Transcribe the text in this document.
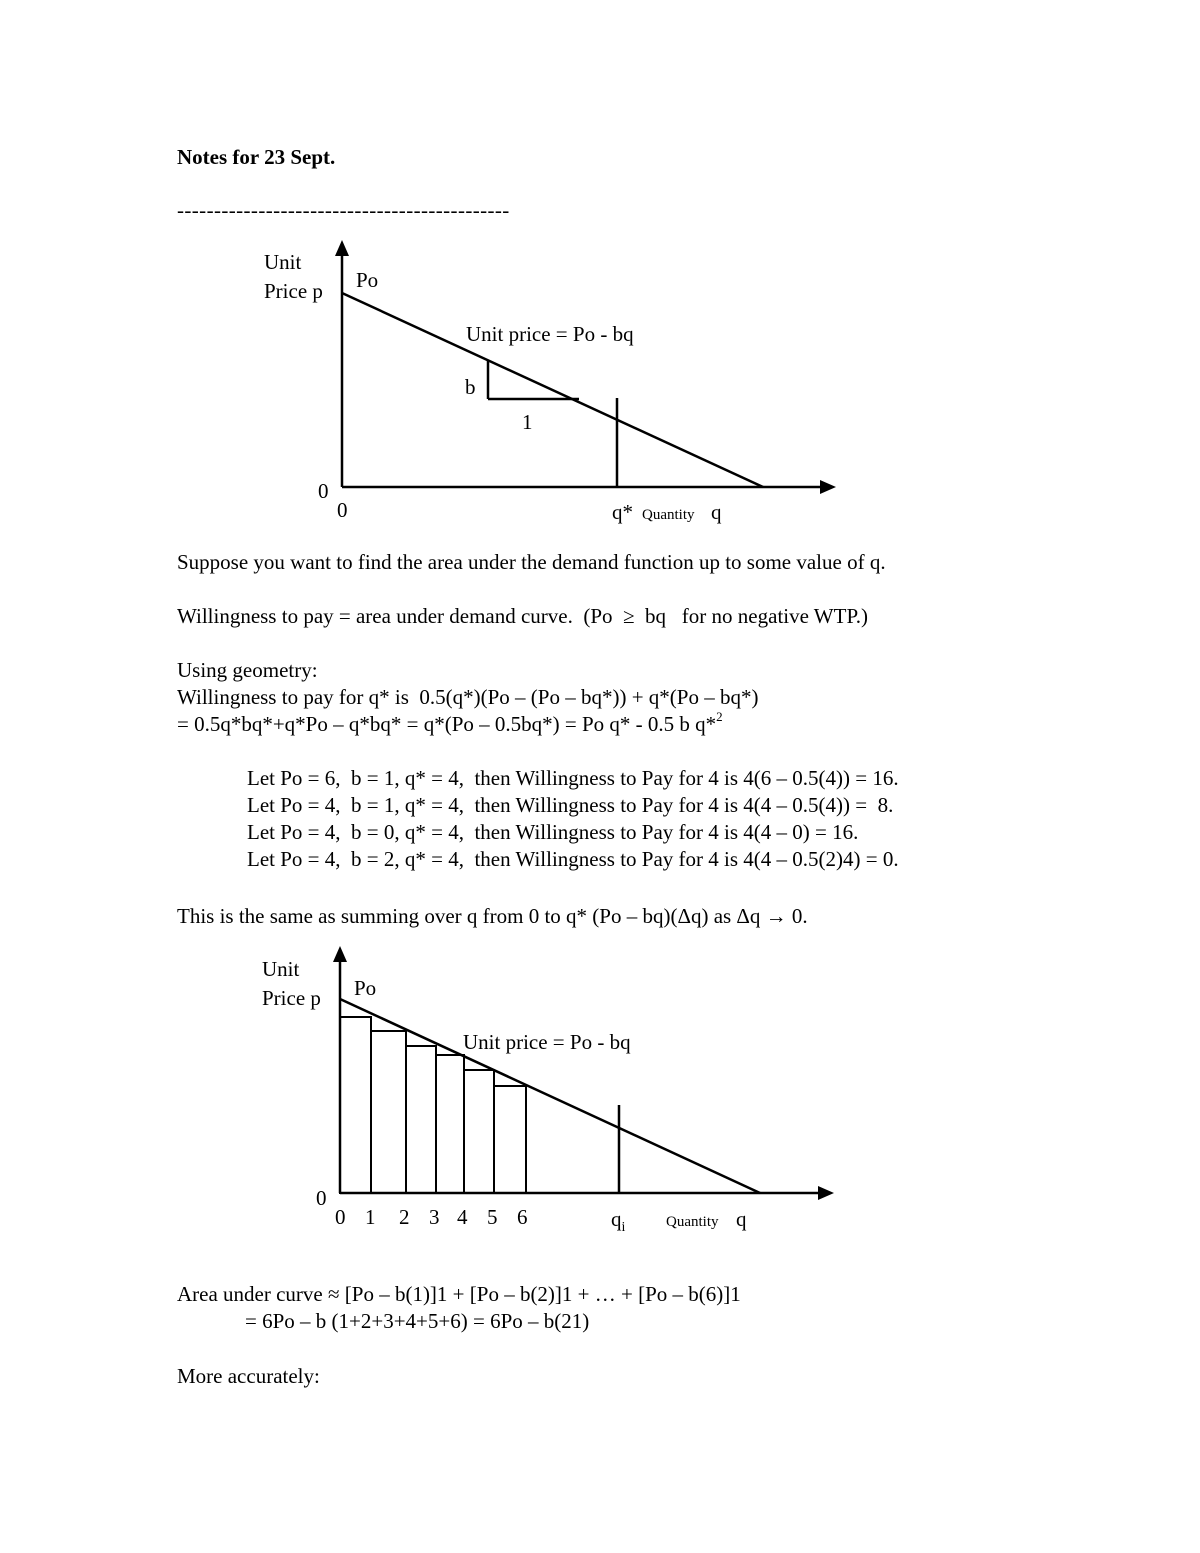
Notes for 23 Sept.
---------------------------------------------
Unit
Price p Po
Unit price = Po - bq
b
1
0
0	q* Quantity q
Suppose you want to find the area under the demand function up to some value of q.
Willingness to pay = area under demand curve.  (Po  ≥  bq   for no negative WTP.)
Using geometry:
Willingness to pay for q* is  0.5(q*)(Po – (Po – bq*)) + q*(Po – bq*)
= 0.5q*bq*+q*Po – q*bq* = q*(Po – 0.5bq*) = Po q* - 0.5 b q*$^2$
Let Po = 6,  b = 1, q* = 4,  then Willingness to Pay for 4 is 4(6 – 0.5(4)) = 16.
Let Po = 4,  b = 1, q* = 4,  then Willingness to Pay for 4 is 4(4 – 0.5(4)) =  8.
Let Po = 4,  b = 0, q* = 4,  then Willingness to Pay for 4 is 4(4 – 0) = 16.
Let Po = 4,  b = 2, q* = 4,  then Willingness to Pay for 4 is 4(4 – 0.5(2)4) = 0.
This is the same as summing over q from 0 to q* (Po – bq)(Δq) as Δq → 0.
Unit
Price p Po
Unit price = Po - bq
0
0 1 2 3 4 5 6	$q_i$	Quantity q
Area under curve ≈ [Po – b(1)]1 + [Po – b(2)]1 + … + [Po – b(6)]1
= 6Po – b (1+2+3+4+5+6) = 6Po – b(21)
More accurately:
